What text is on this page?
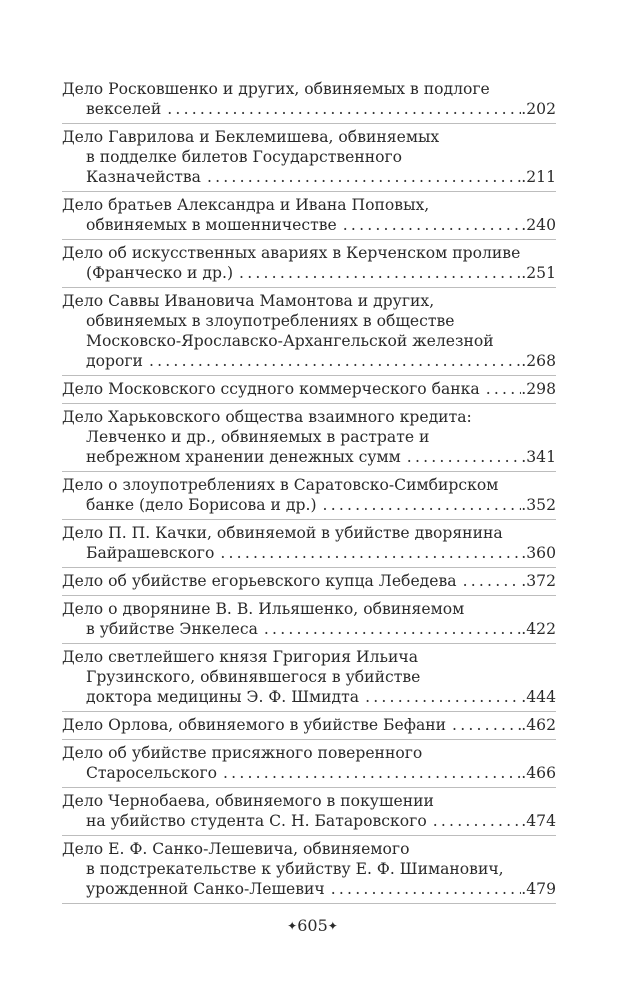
Дело Росковшенко и других, обвиняемых в подлоге
векселей .....	.202
Дело Гаврилова и Беклемишева, обвиняемых
в подделке билетов Государственного
Казначейства .....	.211
Дело братьев Александра и Ивана Поповых,
обвиняемых в мошенничестве .....	.240
Дело об искусственных авариях в Керченском проливе
(Франческо и др.) .....	.251
Дело Саввы Ивановича Мамонтова и других,
обвиняемых в злоупотреблениях в обществе
Московско-Ярославско-Архангельской железной
дороги .....	.268
Дело Московского ссудного коммерческого банка .....	.298
Дело Харьковского общества взаимного кредита:
Левченко и др., обвиняемых в растрате и
небрежном хранении денежных сумм .....	.341
Дело о злоупотреблениях в Саратовско-Симбирском
банке (дело Борисова и др.) .....	.352
Дело П. П. Качки, обвиняемой в убийстве дворянина
Байрашевского .....	.360
Дело об убийстве егорьевского купца Лебедева .....	.372
Дело о дворянине В. В. Ильяшенко, обвиняемом
в убийстве Энкелеса .....	.422
Дело светлейшего князя Григория Ильича
Грузинского, обвинявшегося в убийстве
доктора медицины Э. Ф. Шмидта .....	.444
Дело Орлова, обвиняемого в убийстве Бефани .....	.462
Дело об убийстве присяжного поверенного
Старосельского .....	.466
Дело Чернобаева, обвиняемого в покушении
на убийство студента С. Н. Батаровского .....	.474
Дело Е. Ф. Санко-Лешевича, обвиняемого
в подстрекательстве к убийству Е. Ф. Шиманович,
урожденной Санко-Лешевич .....	.479
✦605✦
